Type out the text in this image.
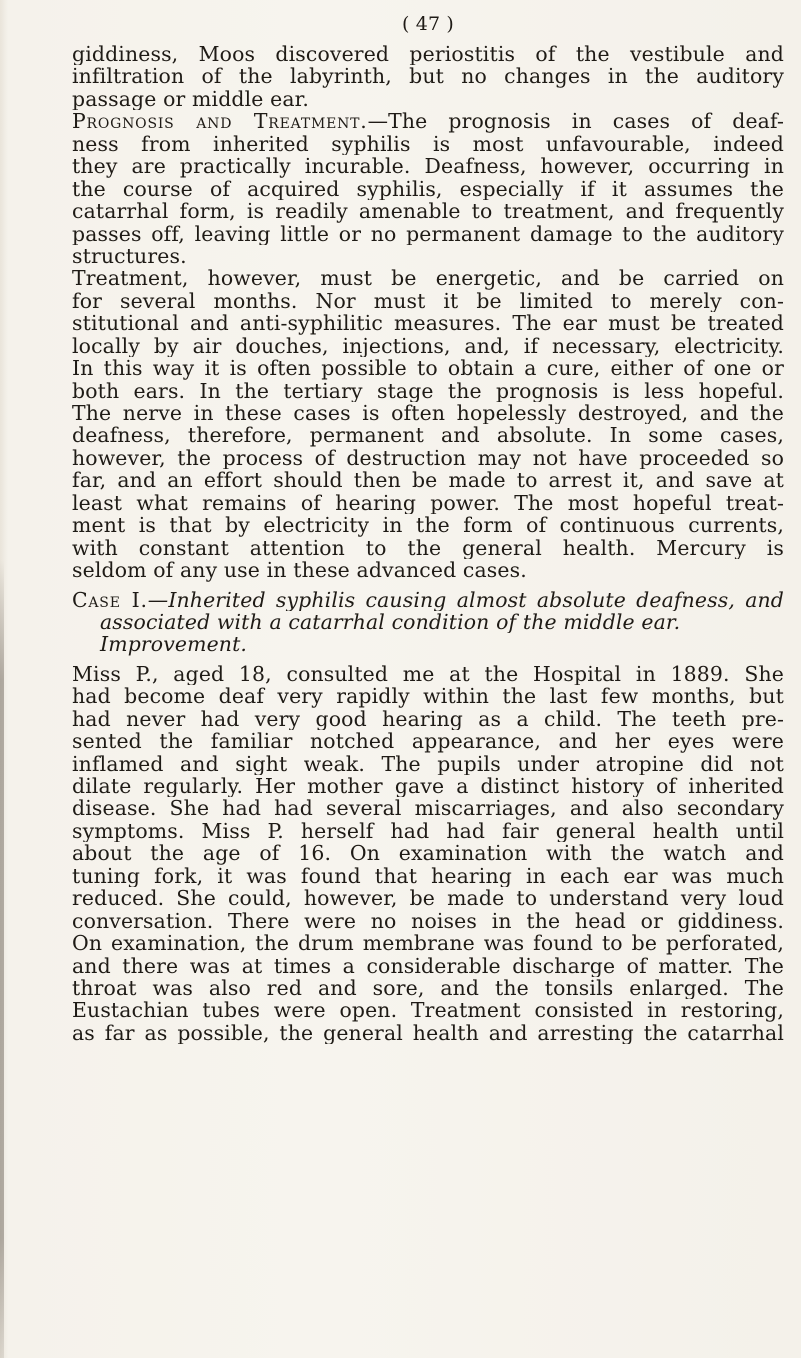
( 47 )
giddiness, Moos discovered periostitis of the vestibule and
infiltration of the labyrinth, but no changes in the auditory
passage or middle ear.
Prognosis and Treatment.—The prognosis in cases of deaf-
ness from inherited syphilis is most unfavourable, indeed
they are practically incurable. Deafness, however, occurring in
the course of acquired syphilis, especially if it assumes the
catarrhal form, is readily amenable to treatment, and frequently
passes off, leaving little or no permanent damage to the auditory
structures.
Treatment, however, must be energetic, and be carried on
for several months. Nor must it be limited to merely con-
stitutional and anti-syphilitic measures. The ear must be treated
locally by air douches, injections, and, if necessary, electricity.
In this way it is often possible to obtain a cure, either of one or
both ears. In the tertiary stage the prognosis is less hopeful.
The nerve in these cases is often hopelessly destroyed, and the
deafness, therefore, permanent and absolute. In some cases,
however, the process of destruction may not have proceeded so
far, and an effort should then be made to arrest it, and save at
least what remains of hearing power. The most hopeful treat-
ment is that by electricity in the form of continuous currents,
with constant attention to the general health. Mercury is
seldom of any use in these advanced cases.
Case I.—Inherited syphilis causing almost absolute deafness, and
associated with a catarrhal condition of the middle ear.
Improvement.
Miss P., aged 18, consulted me at the Hospital in 1889. She
had become deaf very rapidly within the last few months, but
had never had very good hearing as a child. The teeth pre-
sented the familiar notched appearance, and her eyes were
inflamed and sight weak. The pupils under atropine did not
dilate regularly. Her mother gave a distinct history of inherited
disease. She had had several miscarriages, and also secondary
symptoms. Miss P. herself had had fair general health until
about the age of 16. On examination with the watch and
tuning fork, it was found that hearing in each ear was much
reduced. She could, however, be made to understand very loud
conversation. There were no noises in the head or giddiness.
On examination, the drum membrane was found to be perforated,
and there was at times a considerable discharge of matter. The
throat was also red and sore, and the tonsils enlarged. The
Eustachian tubes were open. Treatment consisted in restoring,
as far as possible, the general health and arresting the catarrhal
